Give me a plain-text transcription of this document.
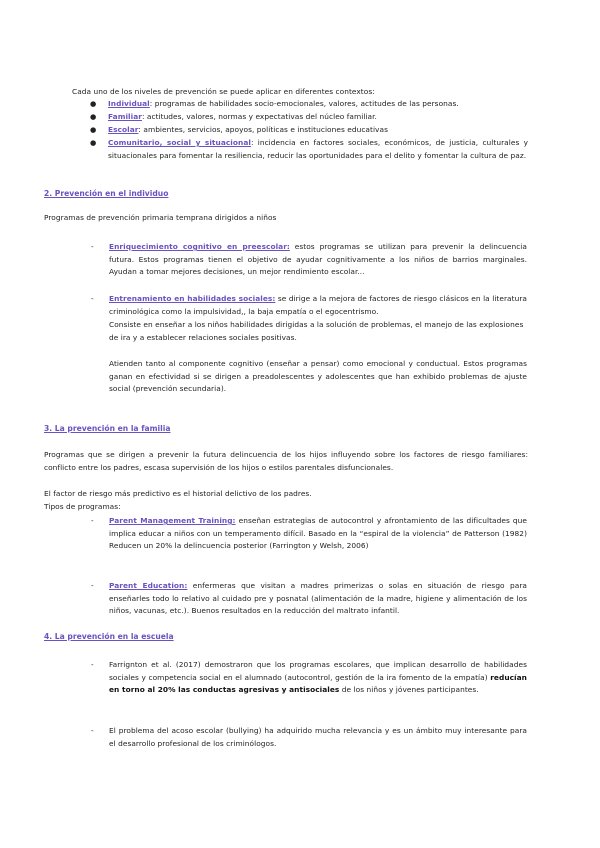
Cada uno de los niveles de prevención se puede aplicar en diferentes contextos:

● Individual: programas de habilidades socio-emocionales, valores, actitudes de las personas.

● Familiar: actitudes, valores, normas y expectativas del núcleo familiar.

● Escolar: ambientes, servicios, apoyos, políticas e instituciones educativas

● Comunitario, social y situacional: incidencia en factores sociales, económicos, de justicia, culturales y situacionales para fomentar la resiliencia, reducir las oportunidades para el delito y fomentar la cultura de paz.

2. Prevención en el individuo

Programas de prevención primaria temprana dirigidos a niños

- Enriquecimiento cognitivo en preescolar: estos programas se utilizan para prevenir la delincuencia futura. Estos programas tienen el objetivo de ayudar cognitivamente a los niños de barrios marginales. Ayudan a tomar mejores decisiones, un mejor rendimiento escolar...

- Entrenamiento en habilidades sociales: se dirige a la mejora de factores de riesgo clásicos en la literatura criminológica como la impulsividad,, la baja empatía o el egocentrismo.

Consiste en enseñar a los niños habilidades dirigidas a la solución de problemas, el manejo de las explosiones de ira y a establecer relaciones sociales positivas.

Atienden tanto al componente cognitivo (enseñar a pensar) como emocional y conductual. Estos programas ganan en efectividad si se dirigen a preadolescentes y adolescentes que han exhibido problemas de ajuste social (prevención secundaria).

3. La prevención en la familia

Programas que se dirigen a prevenir la futura delincuencia de los hijos influyendo sobre los factores de riesgo familiares: conflicto entre los padres, escasa supervisión de los hijos o estilos parentales disfuncionales.

El factor de riesgo más predictivo es el historial delictivo de los padres.

Tipos de programas:

- Parent Management Training: enseñan estrategias de autocontrol y afrontamiento de las dificultades que implica educar a niños con un temperamento difícil. Basado en la “espiral de la violencia” de Patterson (1982) Reducen un 20% la delincuencia posterior (Farrington y Welsh, 2006)

- Parent Education: enfermeras que visitan a madres primerizas o solas en situación de riesgo para enseñarles todo lo relativo al cuidado pre y posnatal (alimentación de la madre, higiene y alimentación de los niños, vacunas, etc.). Buenos resultados en la reducción del maltrato infantil.

4. La prevención en la escuela

- Farrignton et al. (2017) demostraron que los programas escolares, que implican desarrollo de habilidades sociales y competencia social en el alumnado (autocontrol, gestión de la ira fomento de la empatía) reducían en torno al 20% las conductas agresivas y antisociales de los niños y jóvenes participantes.

- El problema del acoso escolar (bullying) ha adquirido mucha relevancia y es un ámbito muy interesante para el desarrollo profesional de los criminólogos.
